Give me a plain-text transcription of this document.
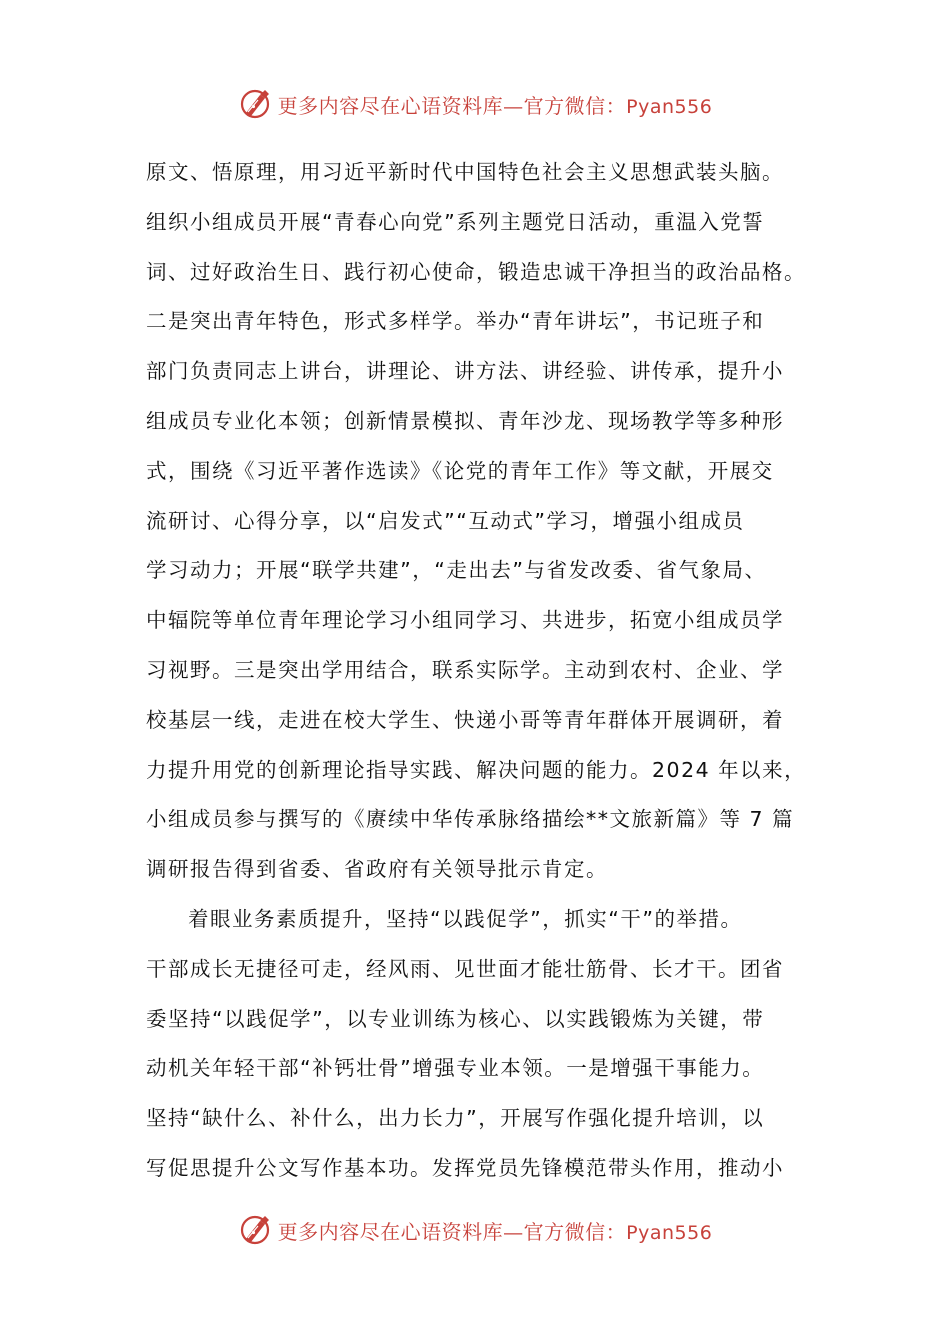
更多内容尽在心语资料库—官方微信：Pyan556
原文、悟原理，用习近平新时代中国特色社会主义思想武装头脑。
组织小组成员开展“青春心向党”系列主题党日活动，重温入党誓
词、过好政治生日、践行初心使命，锻造忠诚干净担当的政治品格。
二是突出青年特色，形式多样学。举办“青年讲坛”，书记班子和
部门负责同志上讲台，讲理论、讲方法、讲经验、讲传承，提升小
组成员专业化本领；创新情景模拟、青年沙龙、现场教学等多种形
式，围绕《习近平著作选读》《论党的青年工作》等文献，开展交
流研讨、心得分享，以“启发式”“互动式”学习，增强小组成员
学习动力；开展“联学共建”，“走出去”与省发改委、省气象局、
中辐院等单位青年理论学习小组同学习、共进步，拓宽小组成员学
习视野。三是突出学用结合，联系实际学。主动到农村、企业、学
校基层一线，走进在校大学生、快递小哥等青年群体开展调研，着
力提升用党的创新理论指导实践、解决问题的能力。2024 年以来，
小组成员参与撰写的《赓续中华传承脉络描绘**文旅新篇》等 7 篇
调研报告得到省委、省政府有关领导批示肯定。
着眼业务素质提升，坚持“以践促学”，抓实“干”的举措。
干部成长无捷径可走，经风雨、见世面才能壮筋骨、长才干。团省
委坚持“以践促学”，以专业训练为核心、以实践锻炼为关键，带
动机关年轻干部“补钙壮骨”增强专业本领。一是增强干事能力。
坚持“缺什么、补什么，出力长力”，开展写作强化提升培训，以
写促思提升公文写作基本功。发挥党员先锋模范带头作用，推动小
更多内容尽在心语资料库—官方微信：Pyan556
